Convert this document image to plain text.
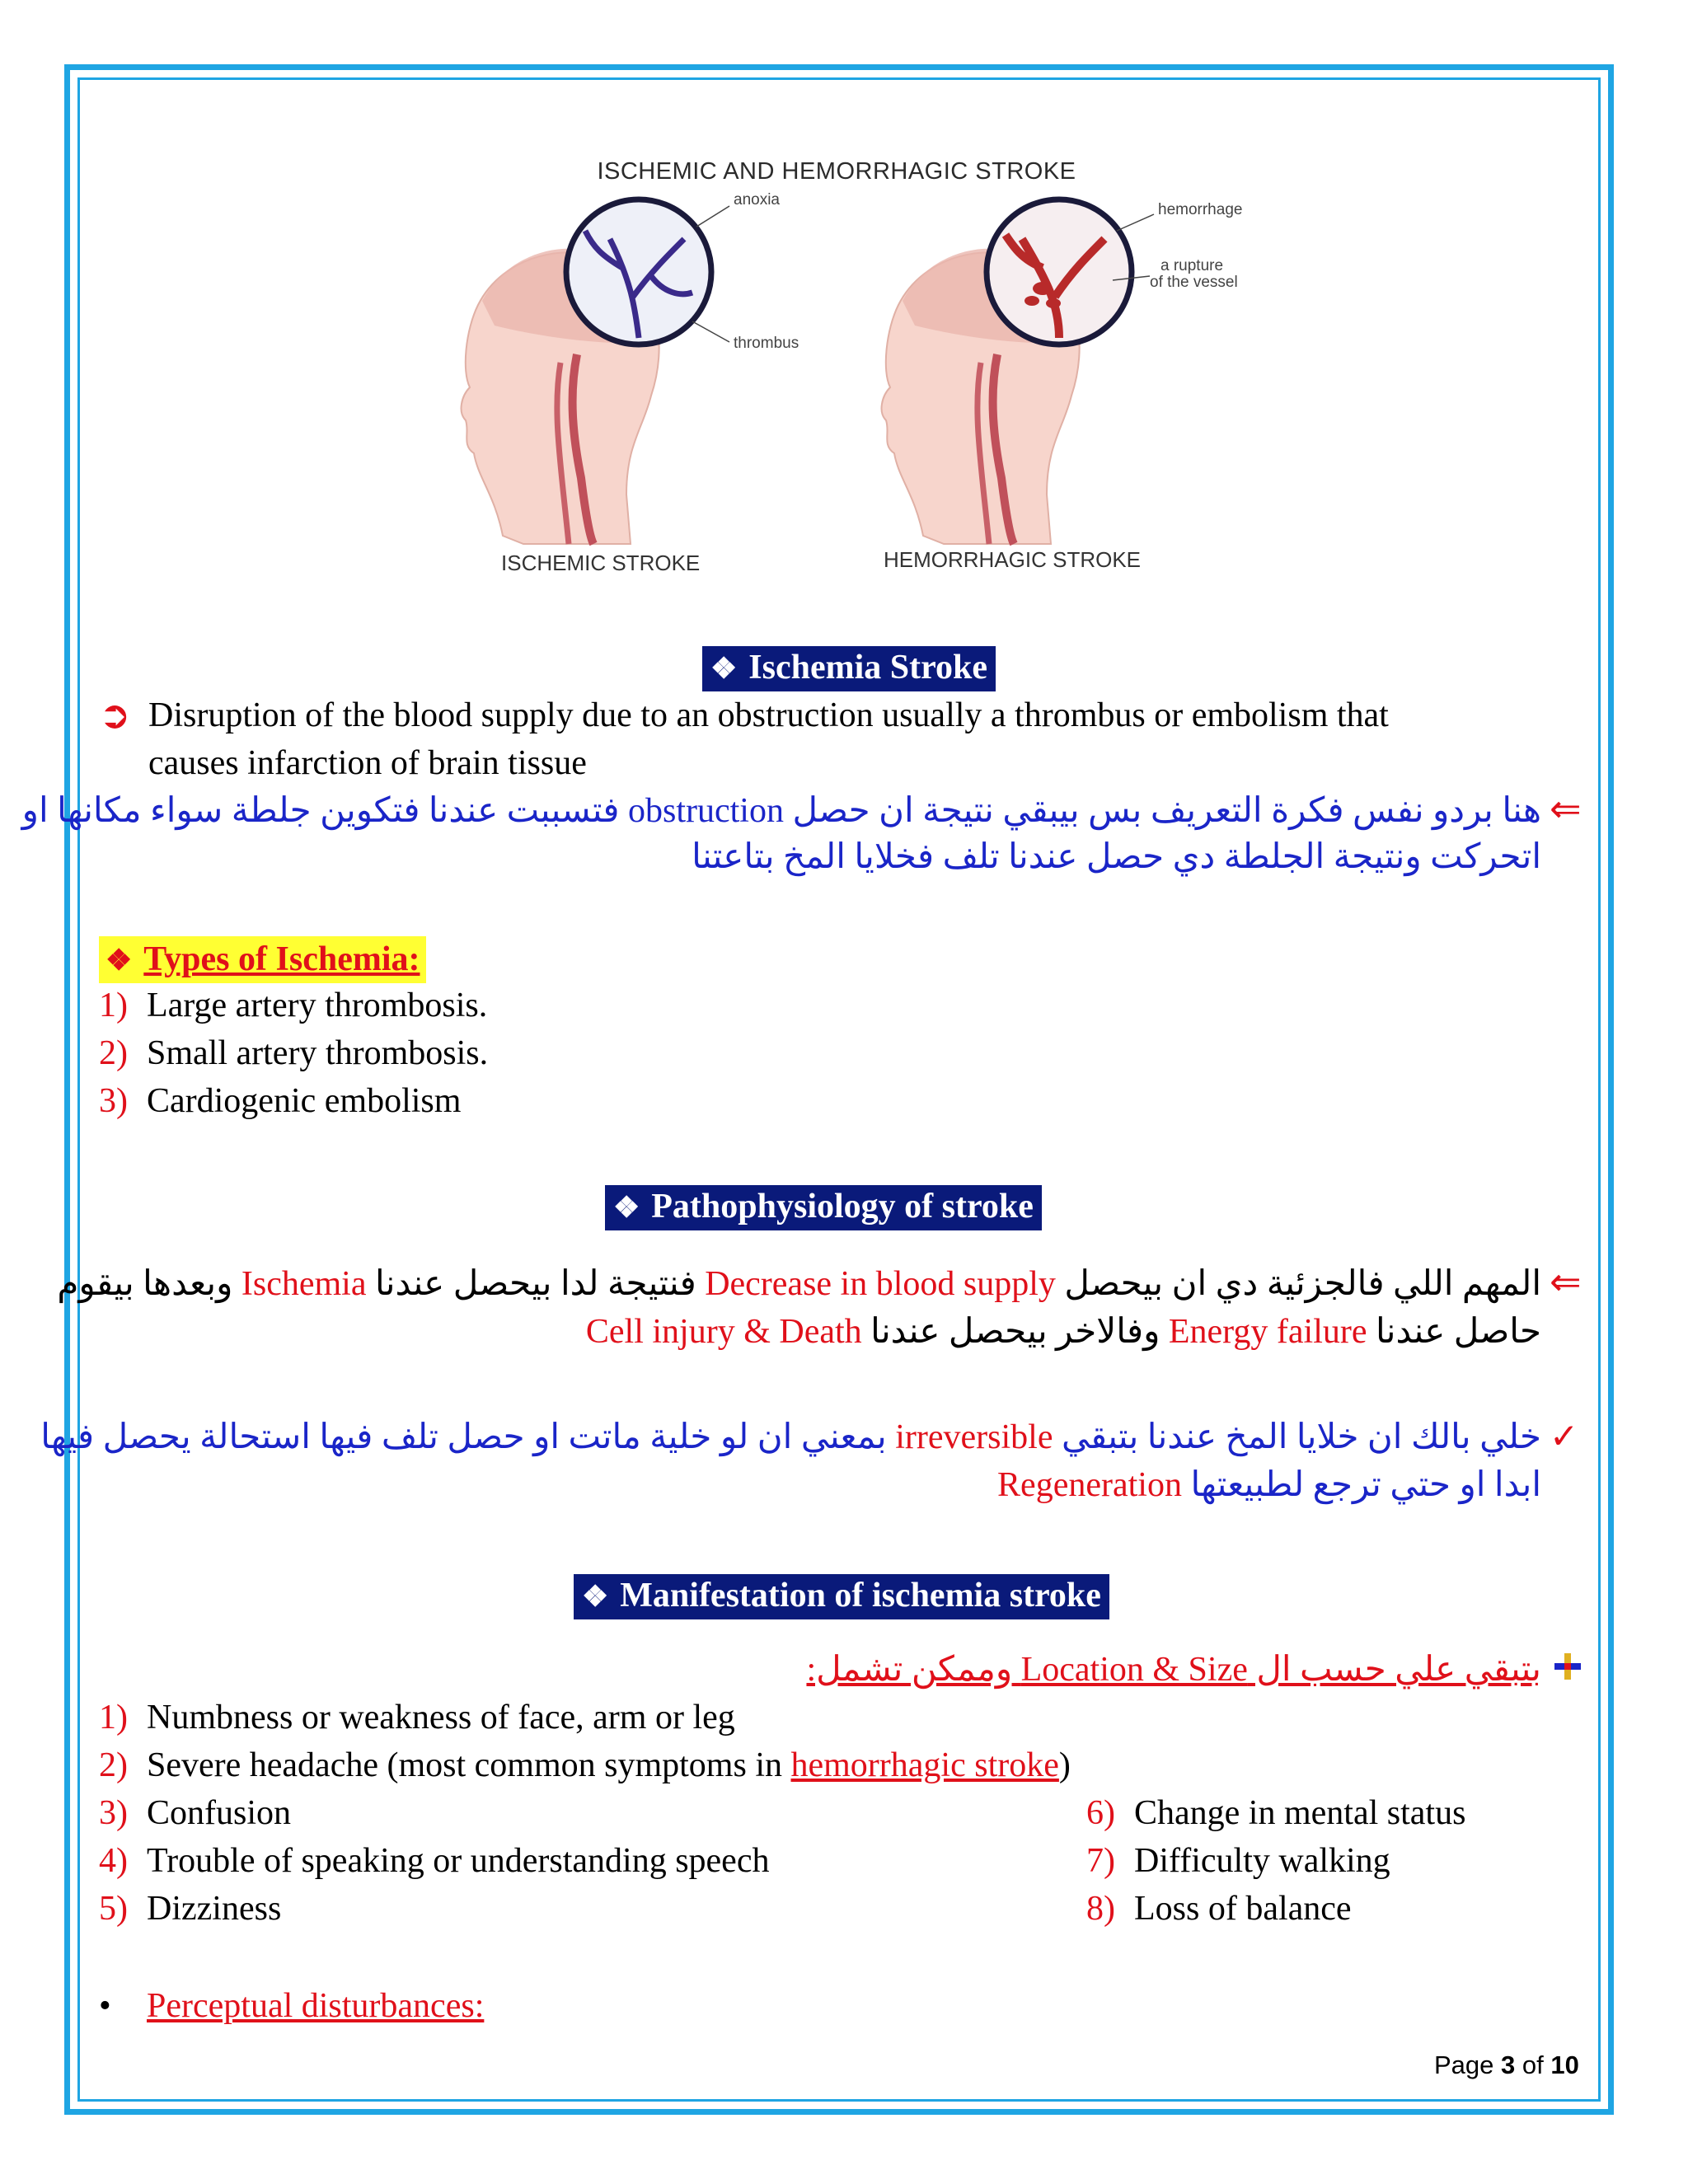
ISCHEMIC AND HEMORRHAGIC STROKE
anoxia
thrombus
hemorrhage
a rupture
of the vessel
ISCHEMIC STROKE	HEMORRHAGIC STROKE
❖ Ischemia Stroke
➲ Disruption of the blood supply due to an obstruction usually a thrombus or embolism that
causes infarction of brain tissue
⇐
هنا بردو نفس فكرة التعريف بس بيبقي نتيجة ان حصل obstruction فتسببت عندنا فتكوين جلطة سواء مكانها او
اتحركت ونتيجة الجلطة دي حصل عندنا تلف فخلايا المخ بتاعتنا
❖ Types of Ischemia:
1) Large artery thrombosis.
2) Small artery thrombosis.
3) Cardiogenic embolism
❖ Pathophysiology of stroke
⇐
المهم اللي فالجزئية دي ان بيحصل Decrease in blood supply فنتيجة لدا بيحصل عندنا Ischemia وبعدها بيقوم
حاصل عندنا Energy failure وفالاخر بيحصل عندنا Cell injury & Death
✓
خلي بالك ان خلايا المخ عندنا بتبقي irreversible بمعني ان لو خلية ماتت او حصل تلف فيها استحالة يحصل فيها
Regeneration ابدا او حتي ترجع لطبيعتها
❖ Manifestation of ischemia stroke
بتبقي علي حسب ال Location & Size وممكن تشمل:
1) Numbness or weakness of face, arm or leg
2) Severe headache (most common symptoms in hemorrhagic stroke)
3) Confusion
4) Trouble of speaking or understanding speech
5) Dizziness
6) Change in mental status
7) Difficulty walking
8) Loss of balance
• Perceptual disturbances:
Page 3 of 10
